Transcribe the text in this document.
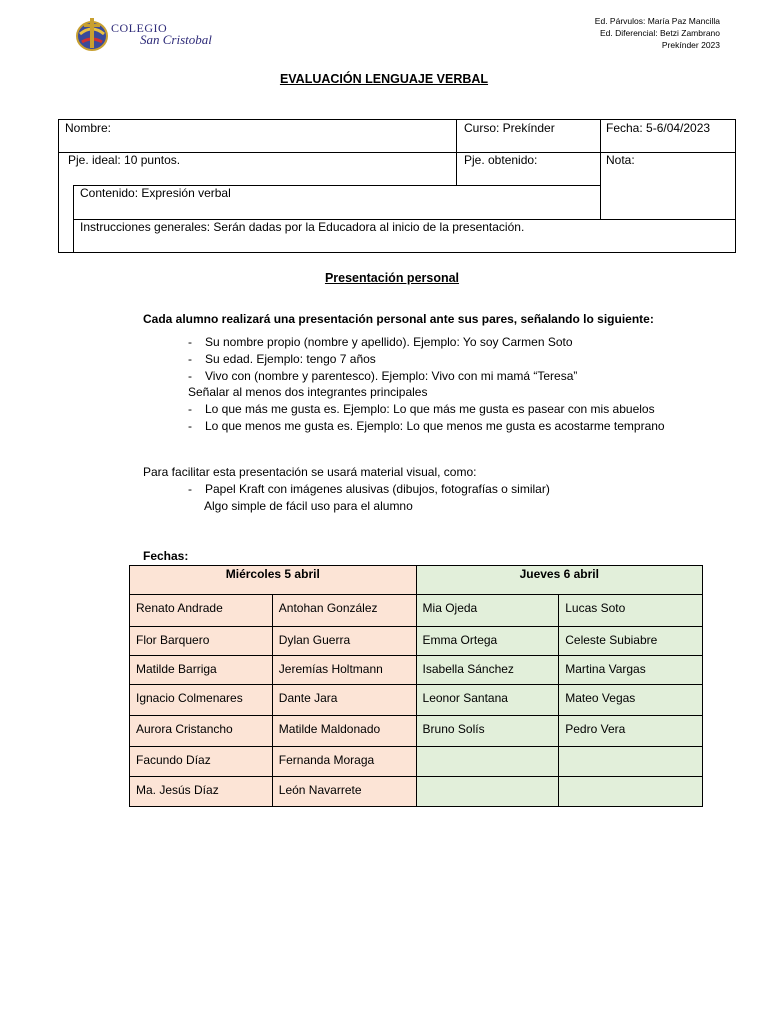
COLEGIO
San Cristobal
Ed. Párvulos: María Paz Mancilla
Ed. Diferencial: Betzi Zambrano
Prekínder 2023
EVALUACIÓN LENGUAJE VERBAL
Nombre:	Curso: Prekínder	Fecha: 5-6/04/2023
Pje. ideal: 10 puntos.	Pje. obtenido:	Nota:
Contenido: Expresión verbal
Instrucciones generales: Serán dadas por la Educadora al inicio de la presentación.
Presentación personal
Cada alumno realizará una presentación personal ante sus pares, señalando lo siguiente:
- Su nombre propio (nombre y apellido). Ejemplo: Yo soy Carmen Soto
- Su edad. Ejemplo: tengo 7 años
- Vivo con (nombre y parentesco). Ejemplo: Vivo con mi mamá “Teresa”
Señalar al menos dos integrantes principales
- Lo que más me gusta es. Ejemplo: Lo que más me gusta es pasear con mis abuelos
- Lo que menos me gusta es. Ejemplo: Lo que menos me gusta es acostarme temprano
Para facilitar esta presentación se usará material visual, como:
- Papel Kraft con imágenes alusivas (dibujos, fotografías o similar)
Algo simple de fácil uso para el alumno
Fechas:
Miércoles 5 abril		Jueves 6 abril	
Renato Andrade	Antohan González	Mia Ojeda	Lucas Soto
Flor Barquero	Dylan Guerra	Emma Ortega	Celeste Subiabre
Matilde Barriga	Jeremías Holtmann	Isabella Sánchez	Martina Vargas
Ignacio Colmenares	Dante Jara	Leonor Santana	Mateo Vegas
Aurora Cristancho	Matilde Maldonado	Bruno Solís	Pedro Vera
Facundo Díaz	Fernanda Moraga		
Ma. Jesús Díaz	León Navarrete		
